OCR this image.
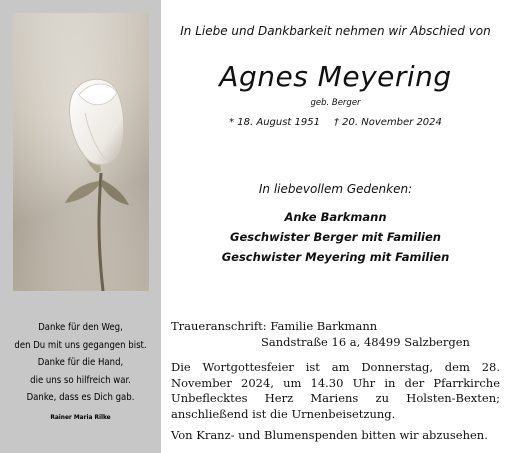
Danke für den Weg,
den Du mit uns gegangen bist.
Danke für die Hand,
die uns so hilfreich war.
Danke, dass es Dich gab.
Rainer Maria Rilke
In Liebe und Dankbarkeit nehmen wir Abschied von
Agnes Meyering
geb. Berger
* 18. August 1951 † 20. November 2024
In liebevollem Gedenken:
Anke Barkmann
Geschwister Berger mit Familien
Geschwister Meyering mit Familien
Traueranschrift: Familie Barkmann
Sandstraße 16 a, 48499 Salzbergen
Die Wortgottesfeier ist am Donnerstag, dem 28. November 2024, um 14.30 Uhr in der Pfarrkirche Unbeflecktes Herz Mariens zu Holsten-Bexten; anschließend ist die Urnenbeisetzung.
Von Kranz- und Blumenspenden bitten wir abzusehen.
